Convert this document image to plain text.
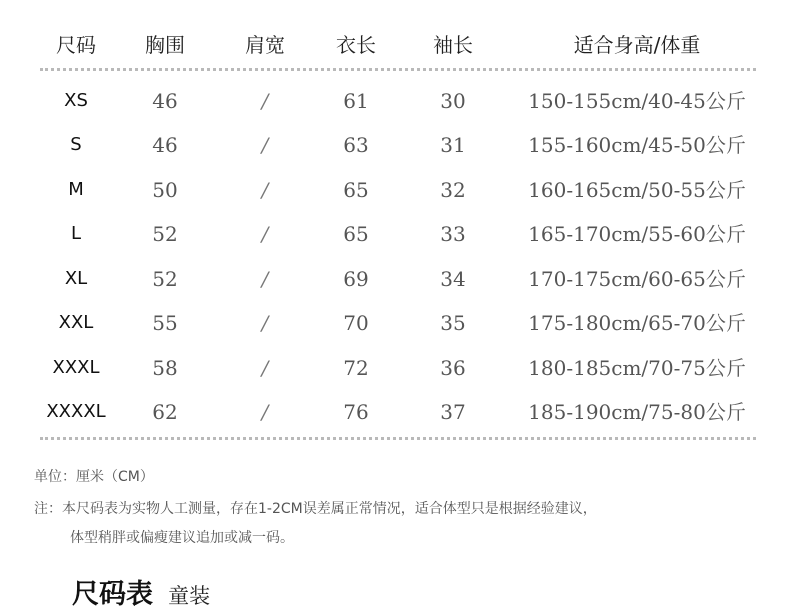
尺码 胸围	肩宽	衣长	袖长	适合身高/体重
XS	46	/	61	30	150-155cm/40-45公斤
S	46	/	63	31	155-160cm/45-50公斤
M	50	/	65	32	160-165cm/50-55公斤
L	52	/	65	33	165-170cm/55-60公斤
XL	52	/	69	34	170-175cm/60-65公斤
XXL	55	/	70	35	175-180cm/65-70公斤
XXXL	58	/	72	36	180-185cm/70-75公斤
XXXXL 62	/	76	37	185-190cm/75-80公斤
单位：厘米（CM）
注：本尺码表为实物人工测量，存在1-2CM误差属正常情况，适合体型只是根据经验建议，
体型稍胖或偏瘦建议追加或减一码。
尺码表 童装
